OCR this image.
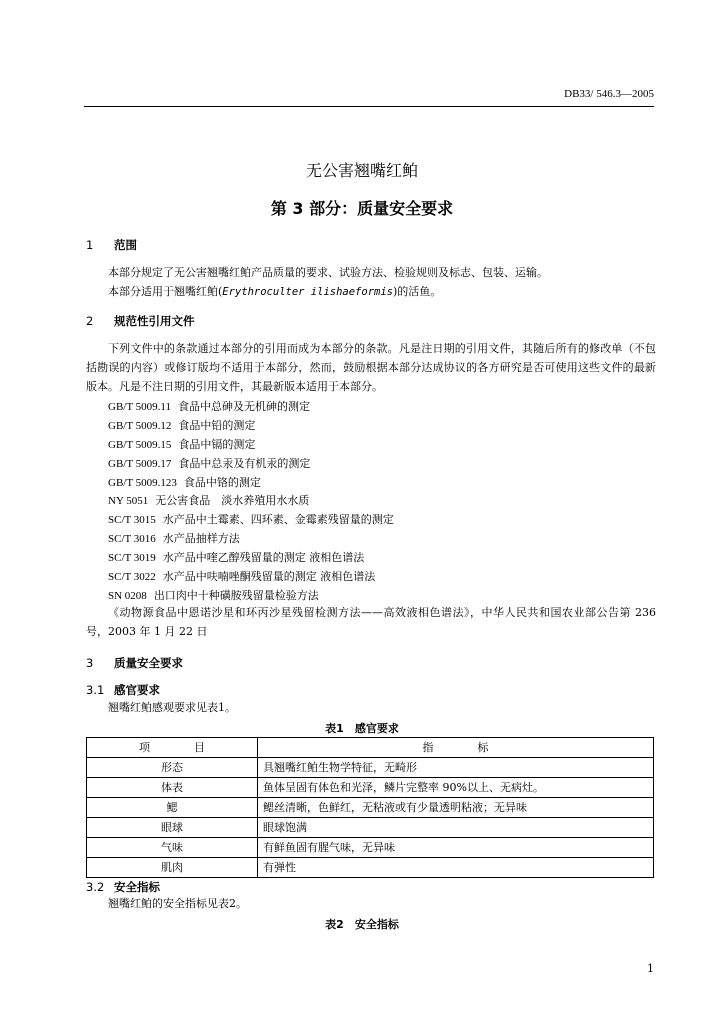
DB33/ 546.3—2005
无公害翘嘴红鲌
第 3 部分：质量安全要求
1 范围
本部分规定了无公害翘嘴红鲌产品质量的要求、试验方法、检验规则及标志、包装、运输。
本部分适用于翘嘴红鲌(Erythroculter ilishaeformis)的活鱼。
2 规范性引用文件
下列文件中的条款通过本部分的引用而成为本部分的条款。凡是注日期的引用文件，其随后所有的修改单（不包括勘误的内容）或修订版均不适用于本部分，然而，鼓励根据本部分达成协议的各方研究是否可使用这些文件的最新版本。凡是不注日期的引用文件，其最新版本适用于本部分。
GB/T 5009.11 食品中总砷及无机砷的测定
GB/T 5009.12 食品中铅的测定
GB/T 5009.15 食品中镉的测定
GB/T 5009.17 食品中总汞及有机汞的测定
GB/T 5009.123 食品中铬的测定
NY 5051 无公害食品　淡水养殖用水水质
SC/T 3015 水产品中土霉素、四环素、金霉素残留量的测定
SC/T 3016 水产品抽样方法
SC/T 3019 水产品中喹乙醇残留量的测定 液相色谱法
SC/T 3022 水产品中呋喃唑酮残留量的测定 液相色谱法
SN 0208 出口肉中十种磺胺残留量检验方法
《动物源食品中恩诺沙星和环丙沙星残留检测方法——高效液相色谱法》，中华人民共和国农业部公告第 236 号，2003 年 1 月 22 日
3 质量安全要求
3.1 感官要求
翘嘴红鲌感观要求见表1。
表1　感官要求
项　　　　目	指　　　　标
形态	具翘嘴红鲌生物学特征，无畸形
体表	鱼体呈固有体色和光泽，鳞片完整率 90%以上、无病灶。
鳃	鳃丝清晰，色鲜红，无粘液或有少量透明粘液；无异味
眼球	眼球饱满
气味	有鲜鱼固有腥气味，无异味
肌肉	有弹性
3.2 安全指标
翘嘴红鲌的安全指标见表2。
表2　安全指标
1
